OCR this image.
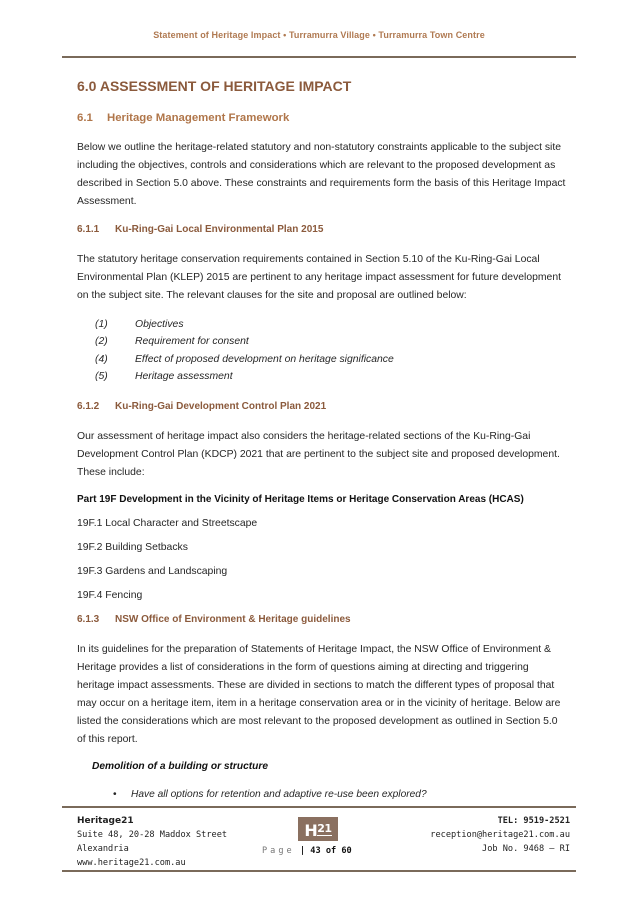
Statement of Heritage Impact • Turramurra Village • Turramurra Town Centre
6.0 ASSESSMENT OF HERITAGE IMPACT
6.1 Heritage Management Framework
Below we outline the heritage-related statutory and non-statutory constraints applicable to the subject site including the objectives, controls and considerations which are relevant to the proposed development as described in Section 5.0 above. These constraints and requirements form the basis of this Heritage Impact Assessment.
6.1.1 Ku-Ring-Gai Local Environmental Plan 2015
The statutory heritage conservation requirements contained in Section 5.10 of the Ku-Ring-Gai Local Environmental Plan (KLEP) 2015 are pertinent to any heritage impact assessment for future development on the subject site. The relevant clauses for the site and proposal are outlined below:
(1)	Objectives
(2)	Requirement for consent
(4)	Effect of proposed development on heritage significance
(5)	Heritage assessment
6.1.2 Ku-Ring-Gai Development Control Plan 2021
Our assessment of heritage impact also considers the heritage-related sections of the Ku-Ring-Gai Development Control Plan (KDCP) 2021 that are pertinent to the subject site and proposed development. These include:
Part 19F Development in the Vicinity of Heritage Items or Heritage Conservation Areas (HCAS)
19F.1 Local Character and Streetscape
19F.2 Building Setbacks
19F.3 Gardens and Landscaping
19F.4 Fencing
6.1.3 NSW Office of Environment & Heritage guidelines
In its guidelines for the preparation of Statements of Heritage Impact, the NSW Office of Environment & Heritage provides a list of considerations in the form of questions aiming at directing and triggering heritage impact assessments. These are divided in sections to match the different types of proposal that may occur on a heritage item, item in a heritage conservation area or in the vicinity of heritage. Below are listed the considerations which are most relevant to the proposed development as outlined in Section 5.0 of this report.
Demolition of a building or structure
• Have all options for retention and adaptive re-use been explored?
Heritage21
Suite 48, 20-28 Maddox Street
Alexandria
www.heritage21.com.au
$H^{21}$
Page | 43 of 60
TEL: 9519-2521
reception@heritage21.com.au
Job No. 9468 – RI
